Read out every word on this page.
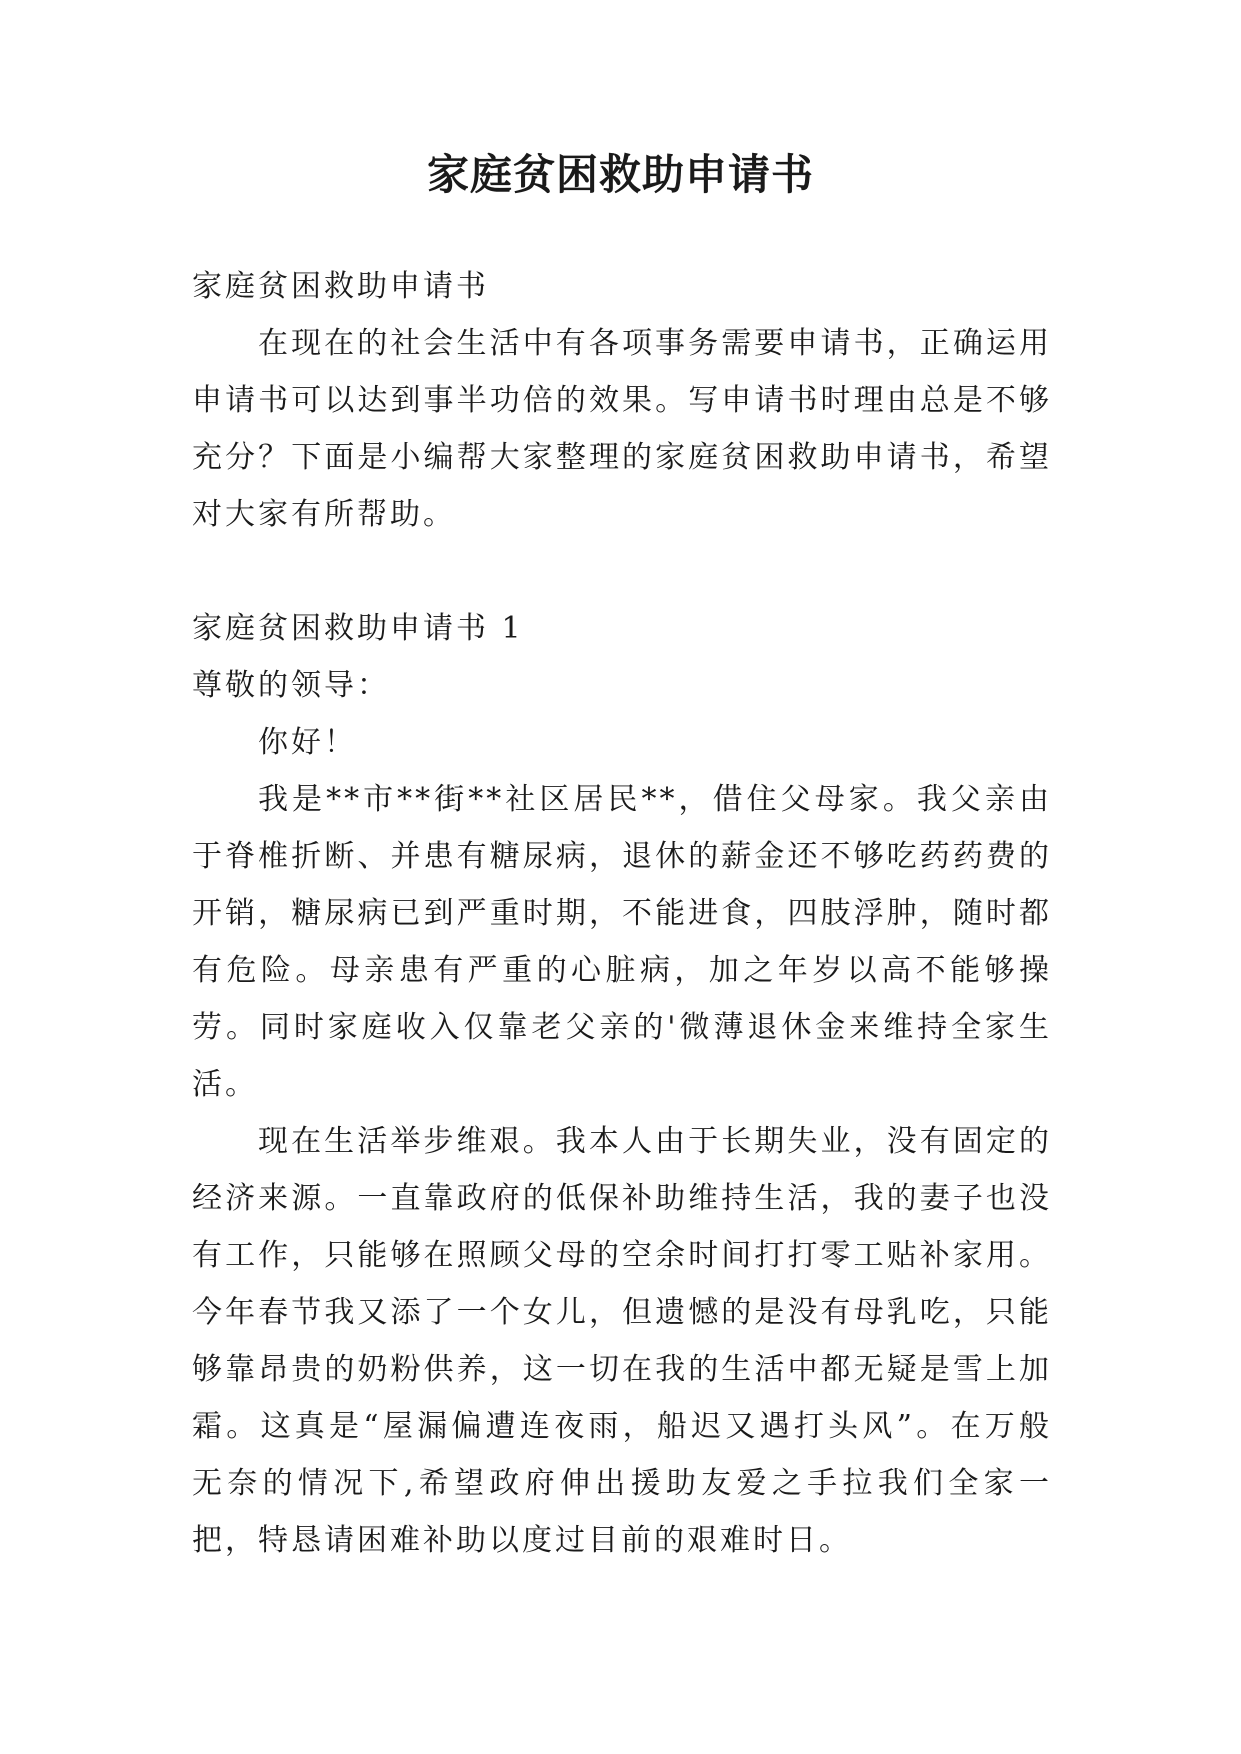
家庭贫困救助申请书

家庭贫困救助申请书

在现在的社会生活中有各项事务需要申请书，正确运用申请书可以达到事半功倍的效果。写申请书时理由总是不够充分？下面是小编帮大家整理的家庭贫困救助申请书，希望对大家有所帮助。

家庭贫困救助申请书 1

尊敬的领导：

你好！

我是**市**街**社区居民**，借住父母家。我父亲由于脊椎折断、并患有糖尿病，退休的薪金还不够吃药药费的开销，糖尿病已到严重时期，不能进食，四肢浮肿，随时都有危险。母亲患有严重的心脏病，加之年岁以高不能够操劳。同时家庭收入仅靠老父亲的'微薄退休金来维持全家生活。

现在生活举步维艰。我本人由于长期失业，没有固定的经济来源。一直靠政府的低保补助维持生活，我的妻子也没有工作，只能够在照顾父母的空余时间打打零工贴补家用。今年春节我又添了一个女儿，但遗憾的是没有母乳吃，只能够靠昂贵的奶粉供养，这一切在我的生活中都无疑是雪上加霜。这真是“屋漏偏遭连夜雨，船迟又遇打头风”。在万般无奈的情况下,希望政府伸出援助友爱之手拉我们全家一把，特恳请困难补助以度过目前的艰难时日。
